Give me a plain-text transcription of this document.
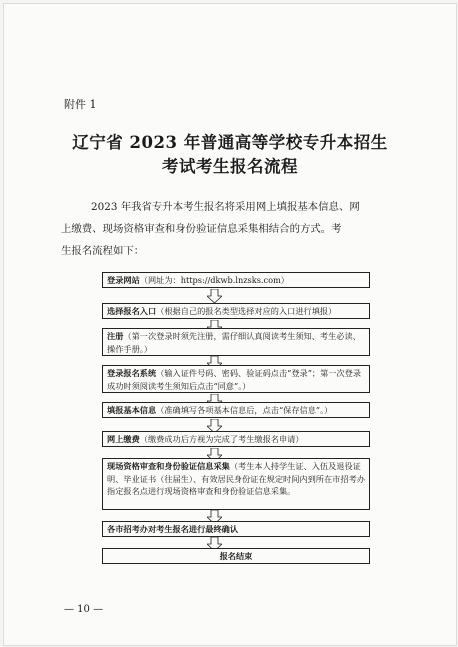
附件 1
辽宁省 2023 年普通高等学校专升本招生
考试考生报名流程
2023 年我省专升本考生报名将采用网上填报基本信息、网
上缴费、现场资格审查和身份验证信息采集相结合的方式。考
生报名流程如下：
登录网站（网址为：https://dkwb.lnzsks.com）
选择报名入口（根据自己的报名类型选择对应的入口进行填报）
注册（第一次登录时须先注册，需仔细认真阅读考生须知、考生必读、操作手册。）
登录报名系统（输入证件号码、密码、验证码点击“登录”；第一次登录成功时须阅读考生须知后点击“同意”。）
填报基本信息（准确填写各项基本信息后，点击“保存信息”。）
网上缴费（缴费成功后方视为完成了考生缴报名申请）
现场资格审查和身份验证信息采集（考生本人持学生证、入伍及退役证明、毕业证书（往届生）、有效居民身份证在规定时间内到所在市招考办指定报名点进行现场资格审查和身份验证信息采集。
各市招考办对考生报名进行最终确认
报名结束
— 10 —
